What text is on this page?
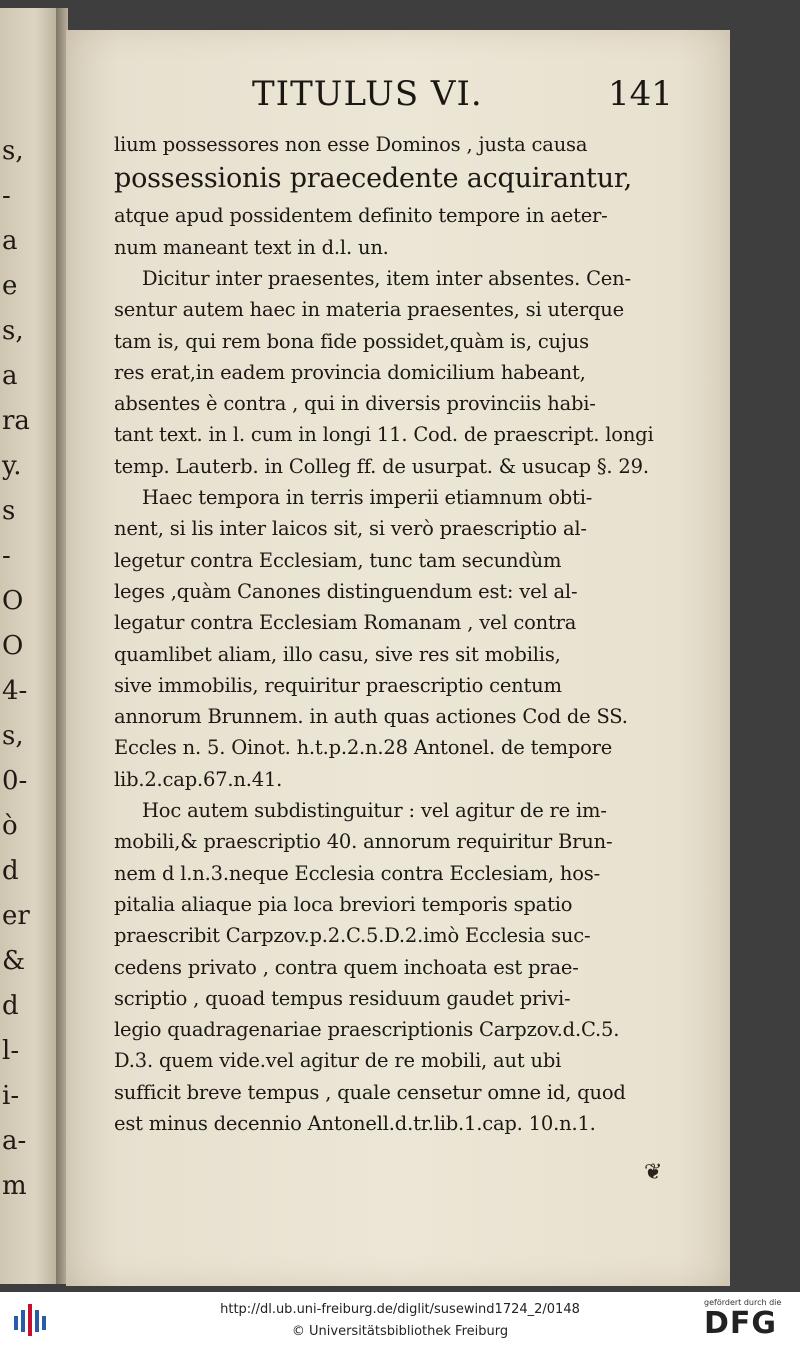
s,
-
a
e
s,
a
ra
y.
s
-
O
O
4-
s,
0-
ò
d
er
&
d
l-
i-
a-
m
TITULUS VI.	141
lium possessores non esse Dominos , justa causa
possessionis praecedente acquirantur,
atque apud possidentem definito tempore in aeter-
num maneant text in d.l. un.
Dicitur inter praesentes, item inter absentes. Cen-
sentur autem haec in materia praesentes, si uterque
tam is, qui rem bona fide possidet,quàm is, cujus
res erat,in eadem provincia domicilium habeant,
absentes è contra , qui in diversis provinciis habi-
tant text. in l. cum in longi 11. Cod. de praescript. longi
temp. Lauterb. in Colleg ff. de usurpat. & usucap §. 29.
Haec tempora in terris imperii etiamnum obti-
nent, si lis inter laicos sit, si verò praescriptio al-
legetur contra Ecclesiam, tunc tam secundùm
leges ,quàm Canones distinguendum est: vel al-
legatur contra Ecclesiam Romanam , vel contra
quamlibet aliam, illo casu, sive res sit mobilis,
sive immobilis, requiritur praescriptio centum
annorum Brunnem. in auth quas actiones Cod de SS.
Eccles n. 5. Oinot. h.t.p.2.n.28 Antonel. de tempore
lib.2.cap.67.n.41.
Hoc autem subdistinguitur : vel agitur de re im-
mobili,& praescriptio 40. annorum requiritur Brun-
nem d l.n.3.neque Ecclesia contra Ecclesiam, hos-
pitalia aliaque pia loca breviori temporis spatio
praescribit Carpzov.p.2.C.5.D.2.imò Ecclesia suc-
cedens privato , contra quem inchoata est prae-
scriptio , quoad tempus residuum gaudet privi-
legio quadragenariae praescriptionis Carpzov.d.C.5.
D.3. quem vide.vel agitur de re mobili, aut ubi
sufficit breve tempus , quale censetur omne id, quod
est minus decennio Antonell.d.tr.lib.1.cap. 10.n.1.
❦
http://dl.ub.uni-freiburg.de/diglit/susewind1724_2/0148
© Universitätsbibliothek Freiburg
gefördert durch die
DFG
